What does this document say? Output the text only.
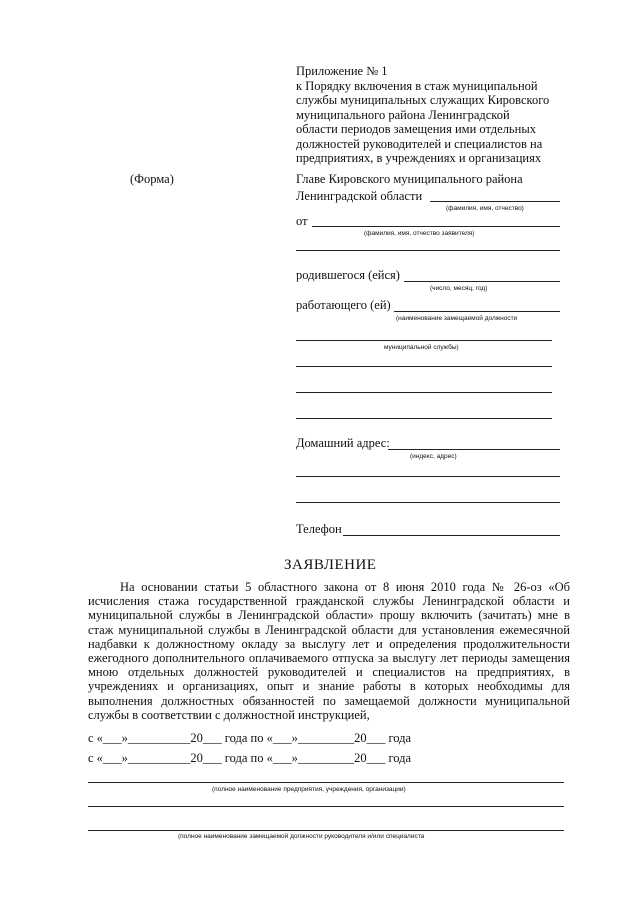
Приложение № 1
к Порядку включения в стаж муниципальной
службы муниципальных служащих Кировского
муниципального района Ленинградской
области периодов замещения ими отдельных
должностей руководителей и специалистов на
предприятиях, в учреждениях и организациях
(Форма)	Главе Кировского муниципального района
Ленинградской области
(фамилия, имя, отчество)
от
(фамилия, имя, отчество заявителя)
родившегося (ейся)
(число, месяц, год)
работающего (ей)
(наименование замещаемой должности
муниципальной службы)
Домашний адрес:
(индекс, адрес)
Телефон
ЗАЯВЛЕНИЕ
На основании статьи 5 областного закона от 8 июня 2010 года № 26-оз «Об исчисления стажа государственной гражданской службы Ленинградской области и муниципальной службы в Ленинградской области» прошу включить (зачитать) мне в стаж муниципальной службы в Ленинградской области для установления ежемесячной надбавки к должностному окладу за выслугу лет и определения продолжительности ежегодного дополнительного оплачиваемого отпуска за выслугу лет периоды замещения мною отдельных должностей руководителей и специалистов на предприятиях, в учреждениях и организациях, опыт и знание работы в которых необходимы для выполнения должностных обязанностей по замещаемой должности муниципальной службы в соответствии с должностной инструкцией,
с «___»__________20___ года по «___»_________20___ года
с «___»__________20___ года по «___»_________20___ года
(полное наименование предприятия, учреждения, организации)
(полное наименование замещаемой должности руководителя и/или специалиста
